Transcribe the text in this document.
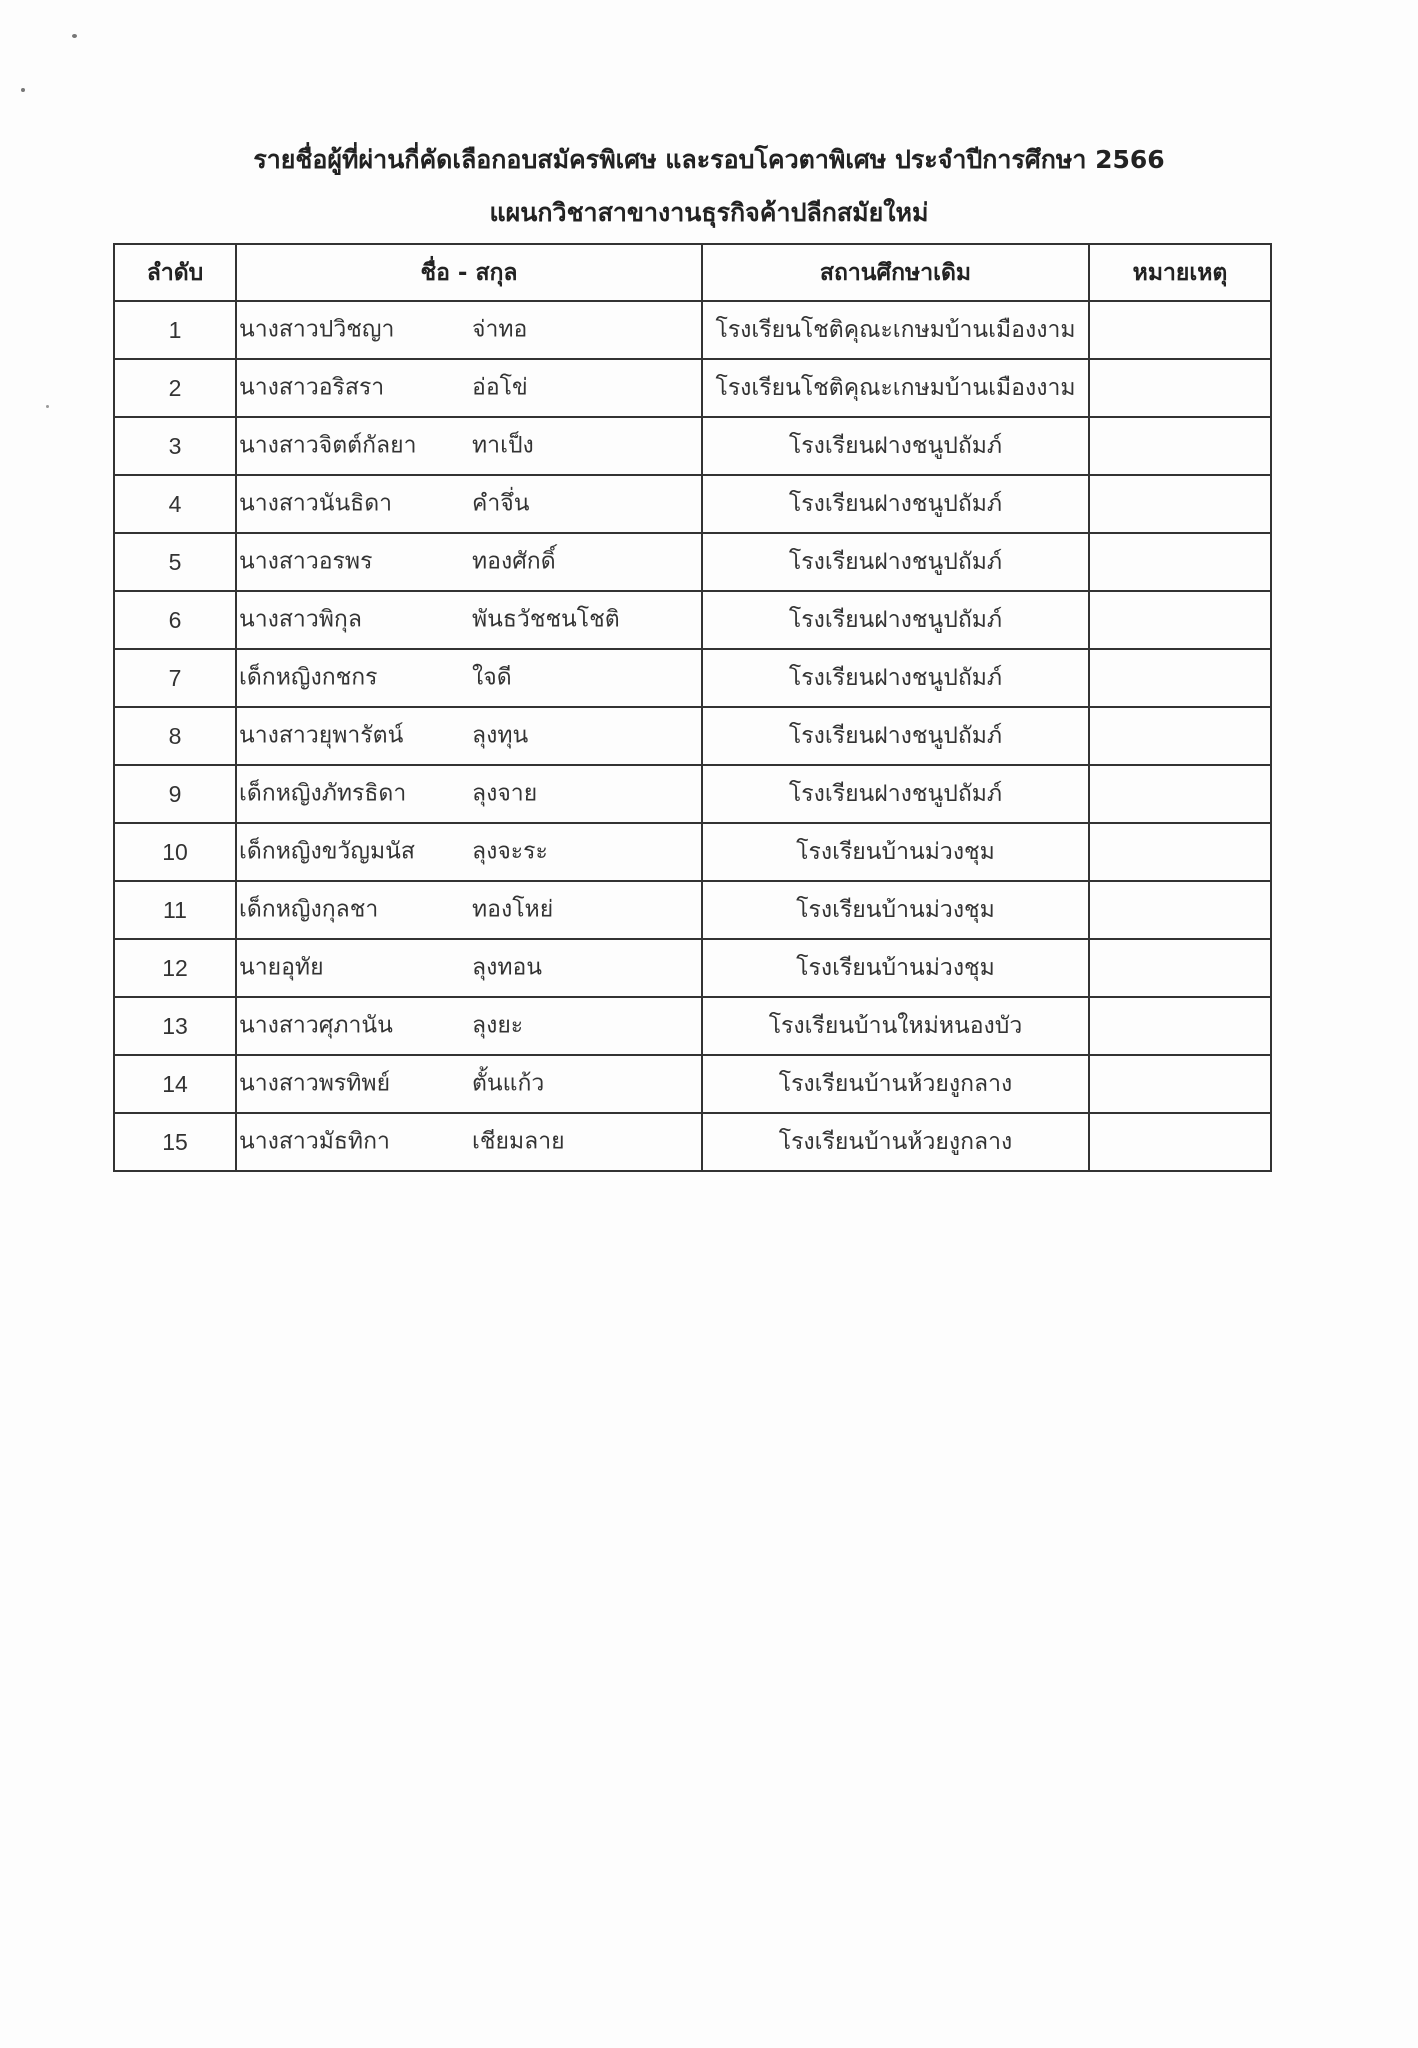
รายชื่อผู้ที่ผ่านกี่คัดเลือกอบสมัครพิเศษ และรอบโควตาพิเศษ ประจำปีการศึกษา 2566
แผนกวิชาสาขางานธุรกิจค้าปลีกสมัยใหม่
ลำดับ	ชื่อ - สกุล	สถานศึกษาเดิม	หมายเหตุ
1	นางสาวปวิชญา จ่าทอ	โรงเรียนโชติคุณะเกษมบ้านเมืองงาม	
2	นางสาวอริสรา อ่อโข่	โรงเรียนโชติคุณะเกษมบ้านเมืองงาม	
3	นางสาวจิตต์กัลยา ทาเป็ง	โรงเรียนฝางชนูปถัมภ์	
4	นางสาวนันธิดา คำจึ่น	โรงเรียนฝางชนูปถัมภ์	
5	นางสาวอรพร ทองศักดิ์	โรงเรียนฝางชนูปถัมภ์	
6	นางสาวพิกุล พันธวัชชนโชติ	โรงเรียนฝางชนูปถัมภ์	
7	เด็กหญิงกชกร ใจดี	โรงเรียนฝางชนูปถัมภ์	
8	นางสาวยุพารัตน์ ลุงทุน	โรงเรียนฝางชนูปถัมภ์	
9	เด็กหญิงภัทรธิดา ลุงจาย	โรงเรียนฝางชนูปถัมภ์	
10	เด็กหญิงขวัญมนัส ลุงจะระ	โรงเรียนบ้านม่วงชุม	
11	เด็กหญิงกุลชา ทองโหย่	โรงเรียนบ้านม่วงชุม	
12	นายอุทัย ลุงทอน	โรงเรียนบ้านม่วงชุม	
13	นางสาวศุภานัน ลุงยะ	โรงเรียนบ้านใหม่หนองบัว	
14	นางสาวพรทิพย์ ตั้นแก้ว	โรงเรียนบ้านห้วยงูกลาง	
15	นางสาวมัธทิกา เชียมลาย	โรงเรียนบ้านห้วยงูกลาง	
